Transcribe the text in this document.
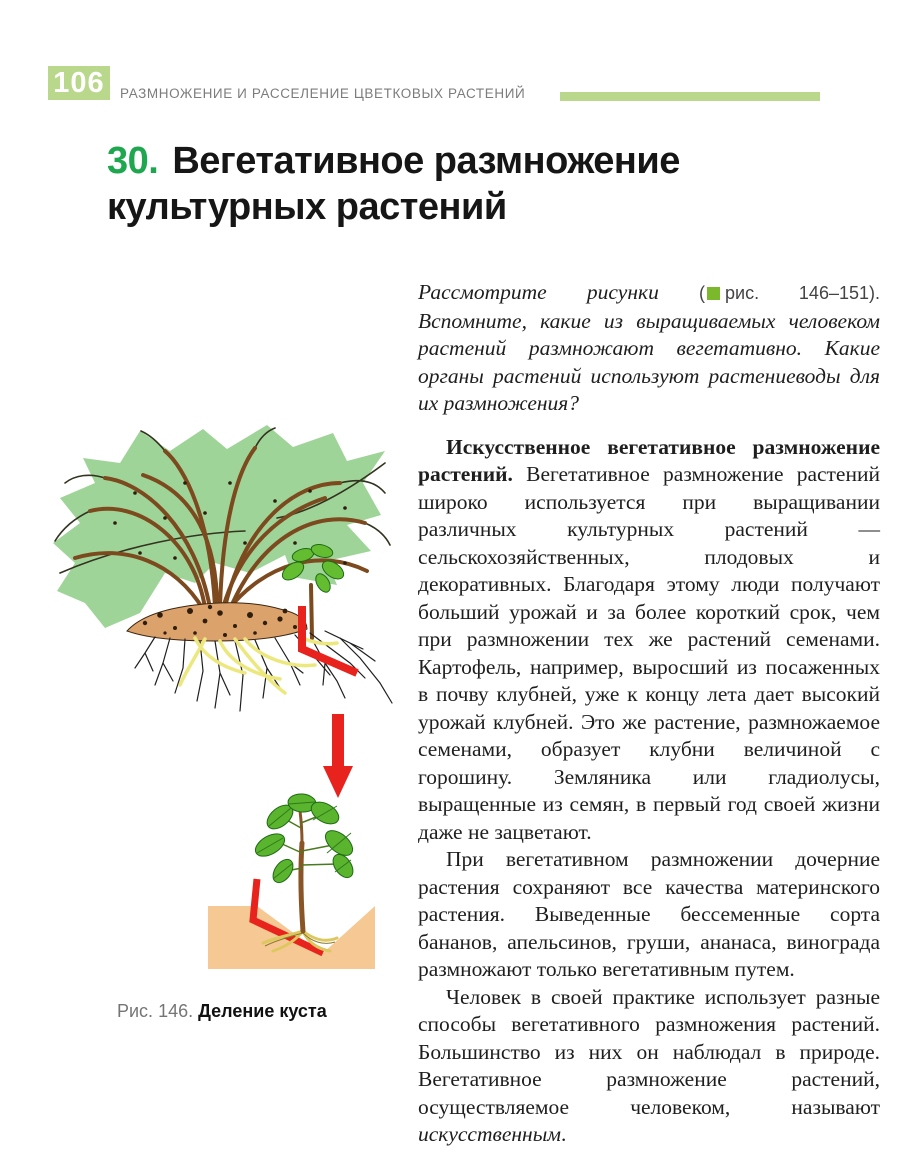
106	РАЗМНОЖЕНИЕ И РАССЕЛЕНИЕ ЦВЕТКОВЫХ РАСТЕНИЙ
30. Вегетативное размножение
культурных растений
Рис. 146. Деление куста

Рассмотрите рисунки ( рис. 146–151). Вспомните, какие из выращиваемых человеком растений размножают вегетативно. Какие органы растений используют растениеводы для их размножения?

Искусственное вегетативное размножение растений. Вегетативное размножение растений широко используется при выращивании различных культурных растений — сельскохозяйственных, плодовых и декоративных. Благодаря этому люди получают больший урожай и за более короткий срок, чем при размножении тех же растений семенами. Картофель, например, выросший из посаженных в почву клубней, уже к концу лета дает высокий урожай клубней. Это же растение, размножаемое семенами, образует клубни величиной с горошину. Земляника или гладиолусы, выращенные из семян, в первый год своей жизни даже не зацветают.

При вегетативном размножении дочерние растения сохраняют все качества материнского растения. Выведенные бессеменные сорта бананов, апельсинов, груши, ананаса, винограда размножают только вегетативным путем.

Человек в своей практике использует разные способы вегетативного размножения растений. Большинство из них он наблюдал в природе. Вегетативное размножение растений, осуществляемое человеком, называют искусственным.
